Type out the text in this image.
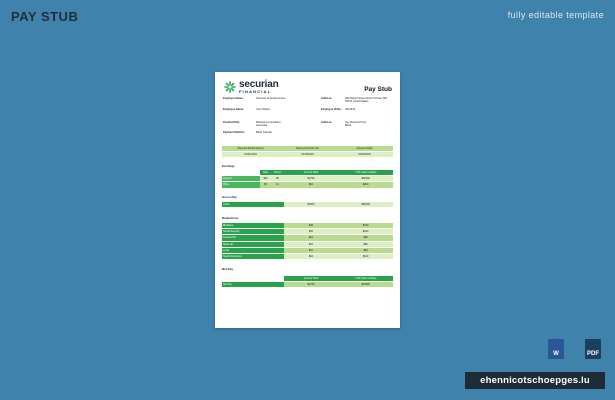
PAY STUB	fully editable template
securian
FINANCIAL	Pay Stub
Employer Name:	Securian Financial Group	Address:	400 Robert Street North St Paul, MN 55101 United States
Employee Name:	John Wilson	Employee ID No.: 0542919
Position/Title:	Marketing Consultant Associate
Address:	Any Road 123 Any Block
Payment Method:	Bank Transfer
Payment Period (From)	Payment Period (To)	Payment Date
04/01/2023	04/15/2023	04/15/2023
Earnings
	Rate	Hours	Current Total	YTD (Year-to-Date)
Regular	$20	80	$1760	$35200
Other	$5	10	$10	$200
Gross Pay
Gross	$1900	$35400
Deductions
Medicare	$40	$720
Social Security	$20	$240
Federal Tax	$10	$80
State Tax	$10	$80
Local	$10	$80
Health Insurance	$10	$120
Net Pay
	Current Total	YTD (Year-to-Date)
Net Pay	$1750	$34080
W	PDF
ehennicotschoepges.lu
